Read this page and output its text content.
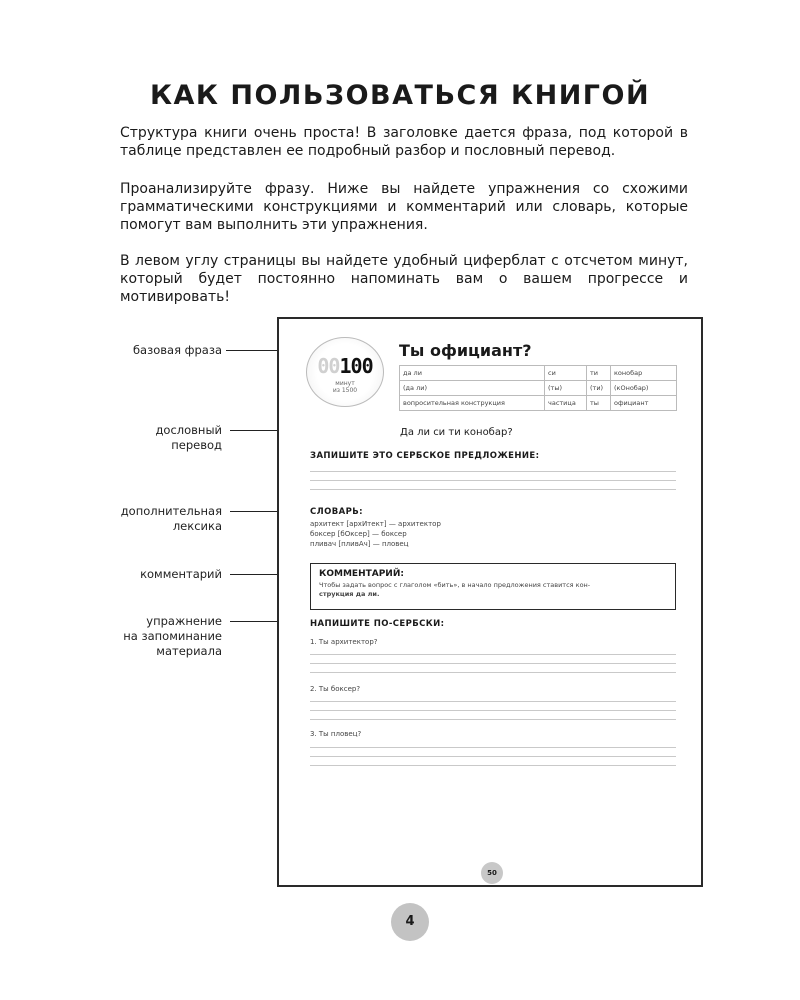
КАК ПОЛЬЗОВАТЬСЯ КНИГОЙ

Структура книги очень проста! В заголовке дается фраза, под которой в таблице представлен ее подробный разбор и пословный перевод.

Проанализируйте фразу. Ниже вы найдете упражнения со схожими грамматическими конструкциями и комментарий или словарь, которые помогут вам выполнить эти упражнения.

В левом углу страницы вы найдете удобный циферблат с отсчетом минут, который будет постоянно напоминать вам о вашем прогрессе и мотивировать!

базовая фраза
дословный
перевод
дополнительная
лексика
комментарий
упражнение
на запоминание
материала
00100
минут
из 1500
Ты официант?
да ли	си	ти	конобар
(да ли)	(ты)	(ти)	(кОнобар)
вопросительная конструкция	частица	ты	официант
Да ли си ти конобар?
ЗАПИШИТЕ ЭТО СЕРБСКОЕ ПРЕДЛОЖЕНИЕ:
СЛОВАРЬ:
архитект [архИтект] — архитектор
боксер [бОксер] — боксер
пливач [пливАч] — пловец
КОММЕНТАРИЙ:
Чтобы задать вопрос с глаголом «бить», в начало предложения ставится кон-
струкция да ли.
НАПИШИТЕ ПО-СЕРБСКИ:
1. Ты архитектор?
2. Ты боксер?
3. Ты пловец?
50
4
